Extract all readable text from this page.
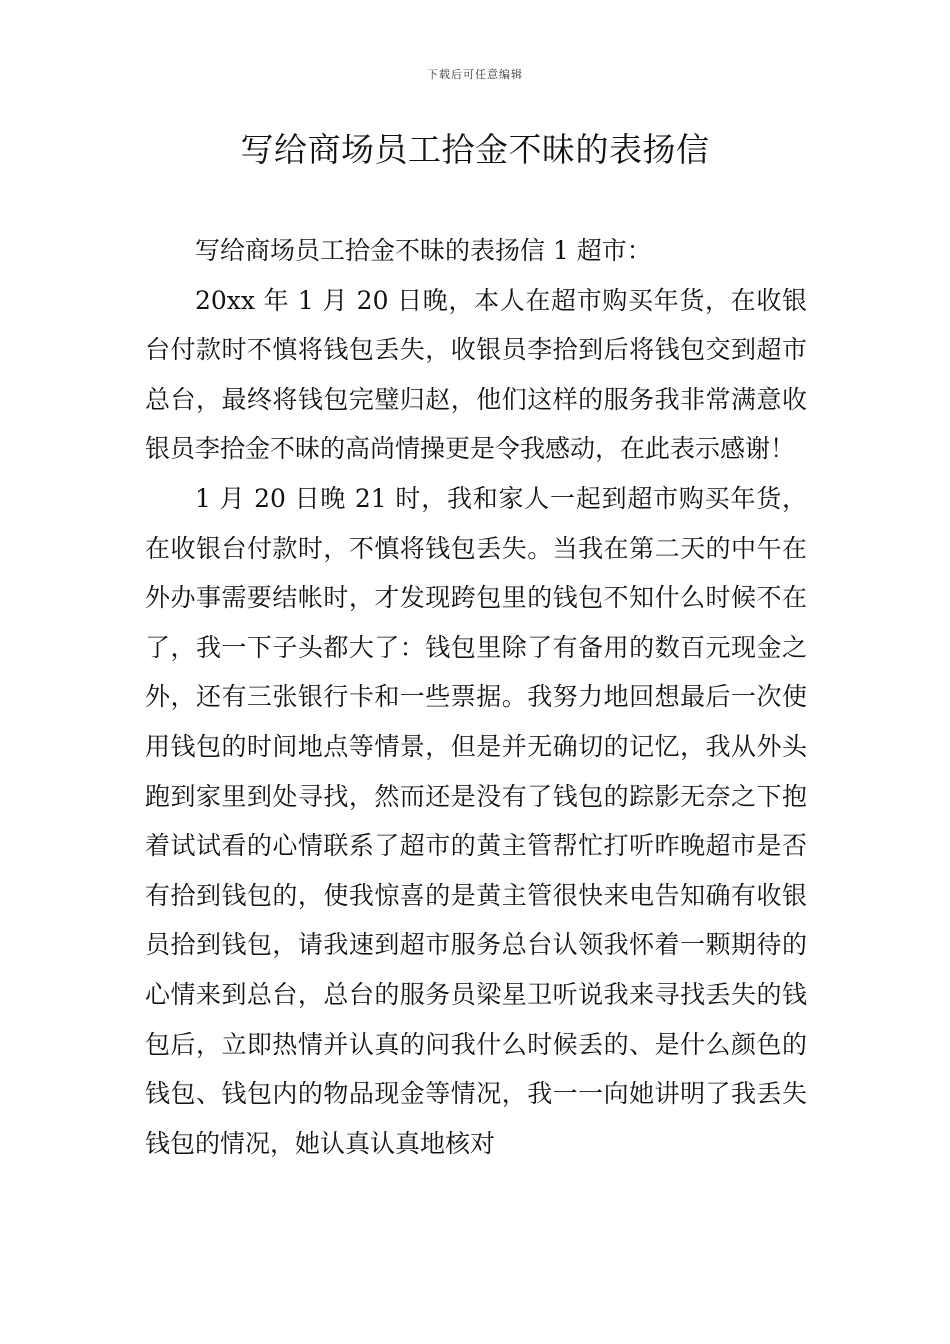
下载后可任意编辑
写给商场员工拾金不昧的表扬信

写给商场员工拾金不昧的表扬信 1 超市：

20xx 年 1 月 20 日晚，本人在超市购买年货，在收银台付款时不慎将钱包丢失，收银员李拾到后将钱包交到超市总台，最终将钱包完璧归赵，他们这样的服务我非常满意收银员李拾金不昧的高尚情操更是令我感动，在此表示感谢！

1 月 20 日晚 21 时，我和家人一起到超市购买年货，在收银台付款时，不慎将钱包丢失。当我在第二天的中午在外办事需要结帐时，才发现跨包里的钱包不知什么时候不在了，我一下子头都大了：钱包里除了有备用的数百元现金之外，还有三张银行卡和一些票据。我努力地回想最后一次使用钱包的时间地点等情景，但是并无确切的记忆，我从外头跑到家里到处寻找，然而还是没有了钱包的踪影无奈之下抱着试试看的心情联系了超市的黄主管帮忙打听昨晚超市是否有拾到钱包的，使我惊喜的是黄主管很快来电告知确有收银员拾到钱包，请我速到超市服务总台认领我怀着一颗期待的心情来到总台，总台的服务员梁星卫听说我来寻找丢失的钱包后，立即热情并认真的问我什么时候丢的、是什么颜色的钱包、钱包内的物品现金等情况，我一一向她讲明了我丢失钱包的情况，她认真认真地核对
